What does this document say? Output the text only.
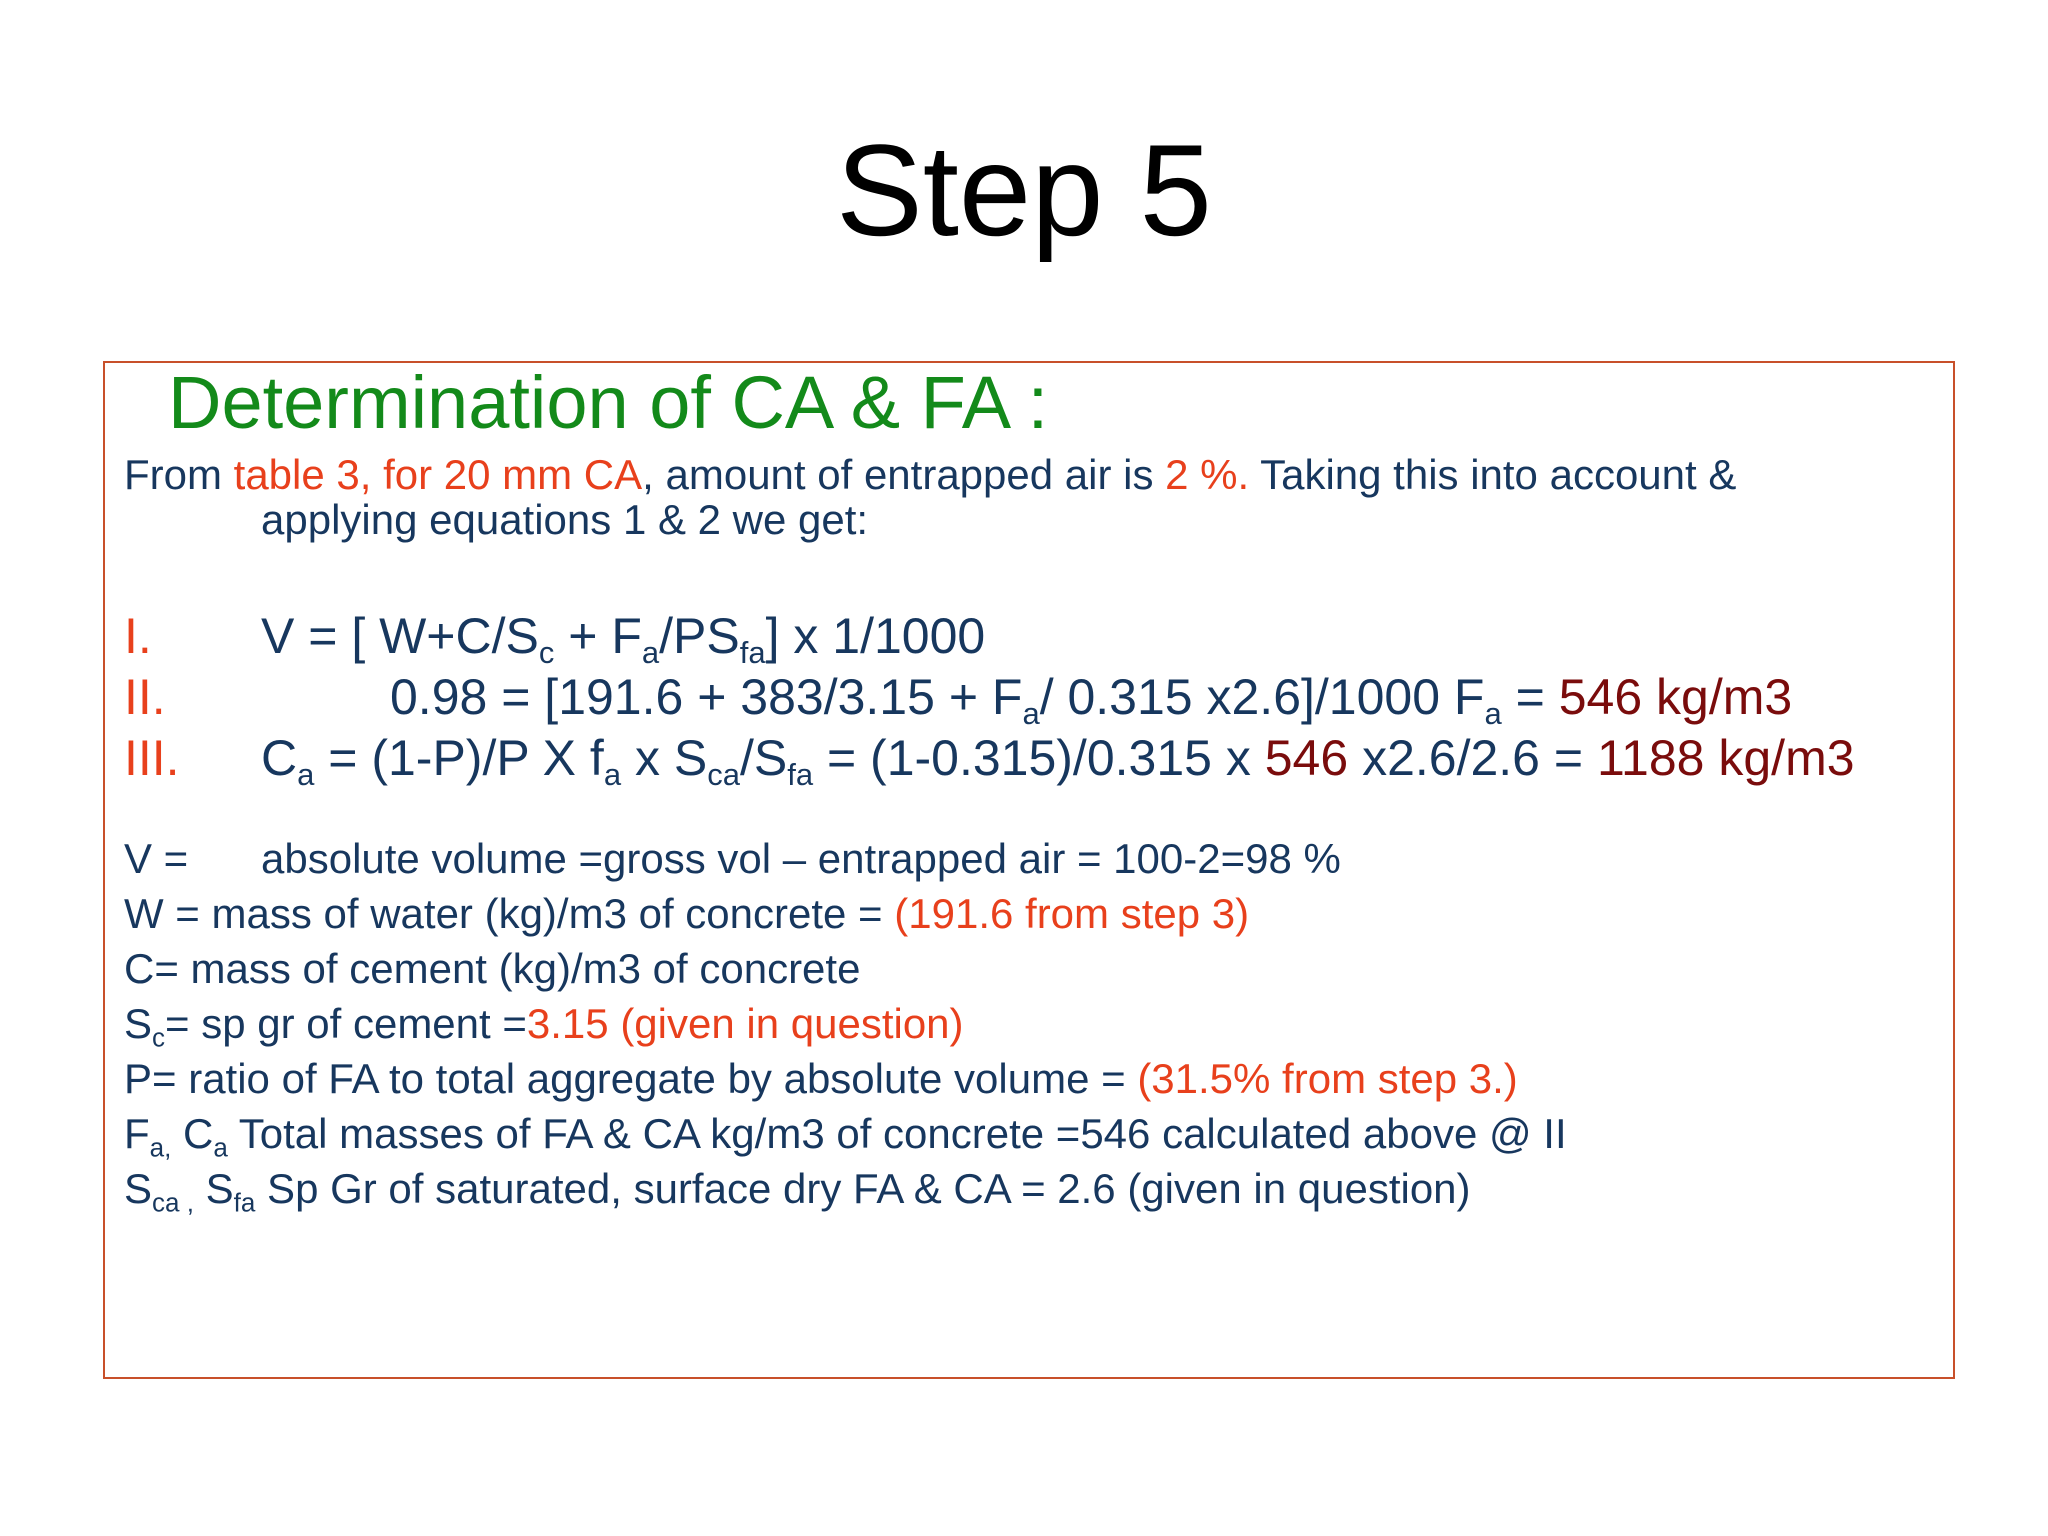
Step 5
Determination of CA & FA :
From table 3, for 20 mm CA, amount of entrapped air is 2 %. Taking this into account &
applying equations 1 & 2 we get:
I. V = [ $W+C/S_c + F_a/PS_{fa}$] x 1/1000
II.	$0.98 = [191.6 + 383/3.15 + F_a/$ 0.315 x2.6]/1000 $F_a = 546$ kg/m3
III. $C_a = (1-P)/P$ X $f_a$ x $S_{ca}/S_{fa} = (1-0.315)/0.315$ x 546 x2.6/2.6 = 1188 kg/m3
V = absolute volume =gross vol – entrapped air = 100-2=98 %
W = mass of water (kg)/m3 of concrete = (191.6 from step 3)
C= mass of cement (kg)/m3 of concrete
$S_c=$ sp gr of cement =3.15 (given in question)
P= ratio of FA to total aggregate by absolute volume = (31.5% from step 3.)
$F_{a,}$ $C_a$ Total masses of FA & CA kg/m3 of concrete =546 calculated above @ II
$S_{ca ,}$ $S_{fa}$ Sp Gr of saturated, surface dry FA & CA = 2.6 (given in question)
